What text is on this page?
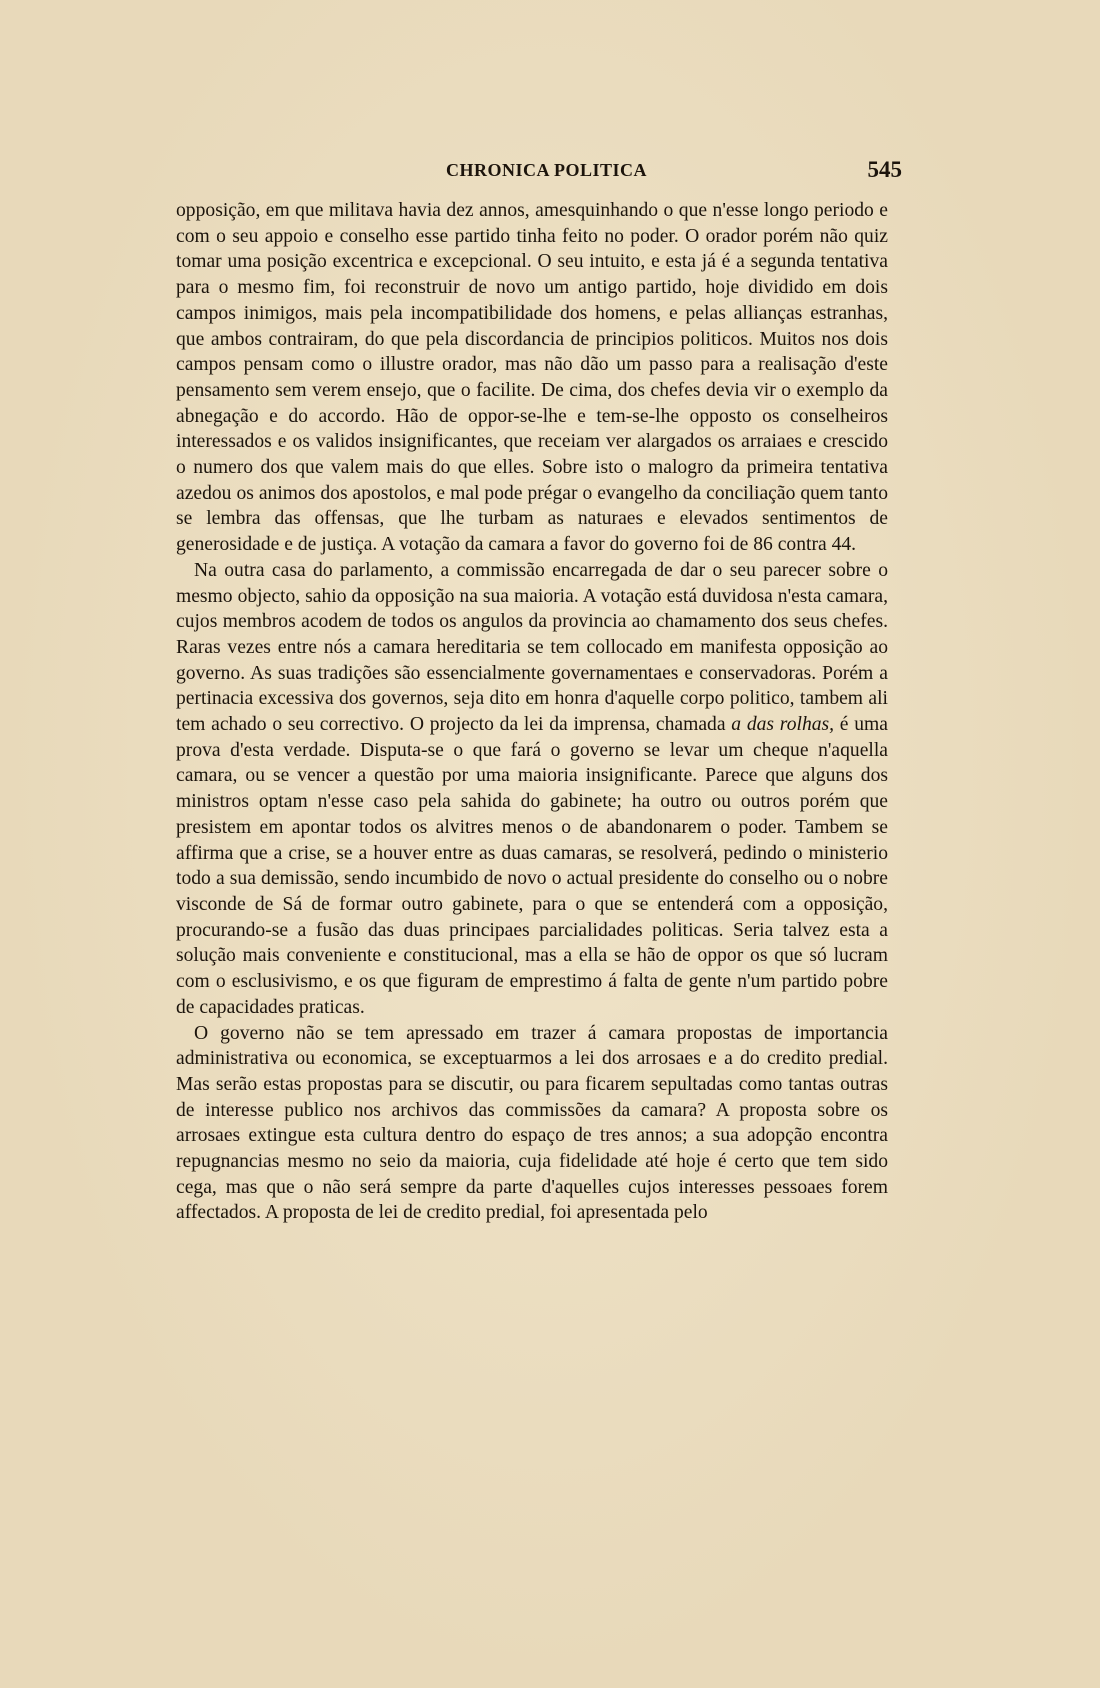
CHRONICA POLITICA	545

opposição, em que militava havia dez annos, amesquinhando o que n'esse longo periodo e com o seu appoio e conselho esse partido tinha feito no poder. O orador porém não quiz tomar uma posição excentrica e excepcional. O seu intuito, e esta já é a segunda tentativa para o mesmo fim, foi reconstruir de novo um antigo partido, hoje dividido em dois campos inimigos, mais pela incompatibilidade dos homens, e pelas allianças estranhas, que ambos contrairam, do que pela discordancia de principios politicos. Muitos nos dois campos pensam como o illustre orador, mas não dão um passo para a realisação d'este pensamento sem verem ensejo, que o facilite. De cima, dos chefes devia vir o exemplo da abnegação e do accordo. Hão de oppor-se-lhe e tem-se-lhe opposto os conselheiros interessados e os validos insignificantes, que receiam ver alargados os arraiaes e crescido o numero dos que valem mais do que elles. Sobre isto o malogro da primeira tentativa azedou os animos dos apostolos, e mal pode prégar o evangelho da conciliação quem tanto se lembra das offensas, que lhe turbam as naturaes e elevados sentimentos de generosidade e de justiça. A votação da camara a favor do governo foi de 86 contra 44.

Na outra casa do parlamento, a commissão encarregada de dar o seu parecer sobre o mesmo objecto, sahio da opposição na sua maioria. A votação está duvidosa n'esta camara, cujos membros acodem de todos os angulos da provincia ao chamamento dos seus chefes. Raras vezes entre nós a camara hereditaria se tem collocado em manifesta opposição ao governo. As suas tradições são essencialmente governamentaes e conservadoras. Porém a pertinacia excessiva dos governos, seja dito em honra d'aquelle corpo politico, tambem ali tem achado o seu correctivo. O projecto da lei da imprensa, chamada a das rolhas, é uma prova d'esta verdade. Disputa-se o que fará o governo se levar um cheque n'aquella camara, ou se vencer a questão por uma maioria insignificante. Parece que alguns dos ministros optam n'esse caso pela sahida do gabinete; ha outro ou outros porém que presistem em apontar todos os alvitres menos o de abandonarem o poder. Tambem se affirma que a crise, se a houver entre as duas camaras, se resolverá, pedindo o ministerio todo a sua demissão, sendo incumbido de novo o actual presidente do conselho ou o nobre visconde de Sá de formar outro gabinete, para o que se entenderá com a opposição, procurando-se a fusão das duas principaes parcialidades politicas. Seria talvez esta a solução mais conveniente e constitucional, mas a ella se hão de oppor os que só lucram com o esclusivismo, e os que figuram de emprestimo á falta de gente n'um partido pobre de capacidades praticas.

O governo não se tem apressado em trazer á camara propostas de importancia administrativa ou economica, se exceptuarmos a lei dos arrosaes e a do credito predial. Mas serão estas propostas para se discutir, ou para ficarem sepultadas como tantas outras de interesse publico nos archivos das commissões da camara? A proposta sobre os arrosaes extingue esta cultura dentro do espaço de tres annos; a sua adopção encontra repugnancias mesmo no seio da maioria, cuja fidelidade até hoje é certo que tem sido cega, mas que o não será sempre da parte d'aquelles cujos interesses pessoaes forem affectados. A proposta de lei de credito predial, foi apresentada pelo
